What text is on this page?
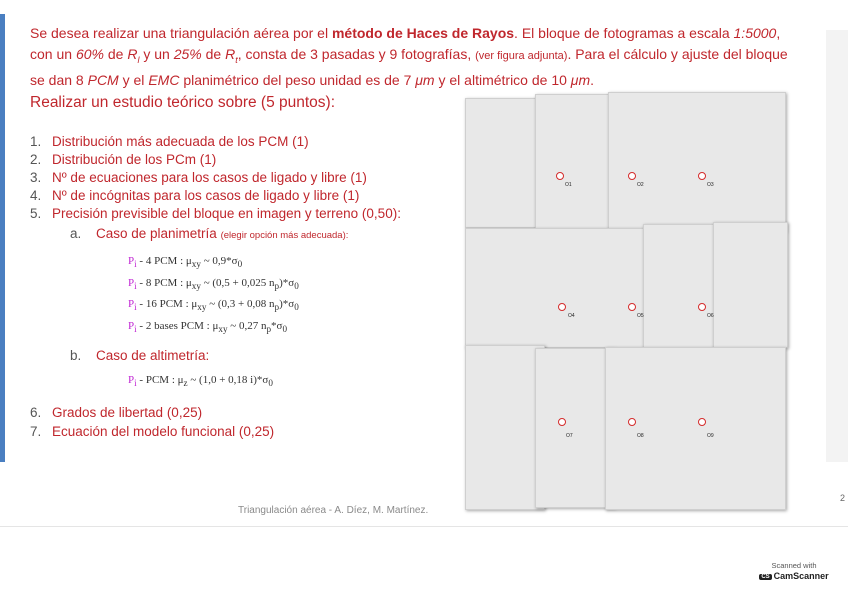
Se desea realizar una triangulación aérea por el método de Haces de Rayos. El bloque de fotogramas a escala 1:5000, con un 60% de $R_l$ y un 25% de $R_t$, consta de 3 pasadas y 9 fotografías, (ver figura adjunta). Para el cálculo y ajuste del bloque se dan 8 PCM y el EMC planimétrico del peso unidad es de 7 μm y el altimétrico de 10 μm.
Realizar un estudio teórico sobre (5 puntos):
1. Distribución más adecuada de los PCM (1)
2. Distribución de los PCm (1)
3. Nº de ecuaciones para los casos de ligado y libre (1)
4. Nº de incógnitas para los casos de ligado y libre (1)
5. Precisión previsible del bloque en imagen y terreno (0,50):
a. Caso de planimetría (elegir opción más adecuada):
$P_i - 4$ PCM : $\mu_{xy}$ ~ $0,9*\sigma_0$
$P_i - 8$ PCM : $\mu_{xy}$ ~ (0,5 + 0,025 $n_p)*\sigma_0$
$P_i - 16$ PCM : $\mu_{xy}$ ~ (0,3 + 0,08 $n_p)*\sigma_0$
$P_i - 2$ bases PCM : $\mu_{xy}$ ~ 0,27 $n_p*\sigma_0$
b. Caso de altimetría:
$P_i$ - PCM : $\mu_z$ ~ (1,0 + 0,18 $i)*\sigma_0$
6. Grados de libertad (0,25)
7. Ecuación del modelo funcional (0,25)
O1	O2	O3
O4	O5	O6
O7	O8	O9
Triangulación aérea - A. Díez, M. Martínez.
2
Scanned with
CS CamScanner
